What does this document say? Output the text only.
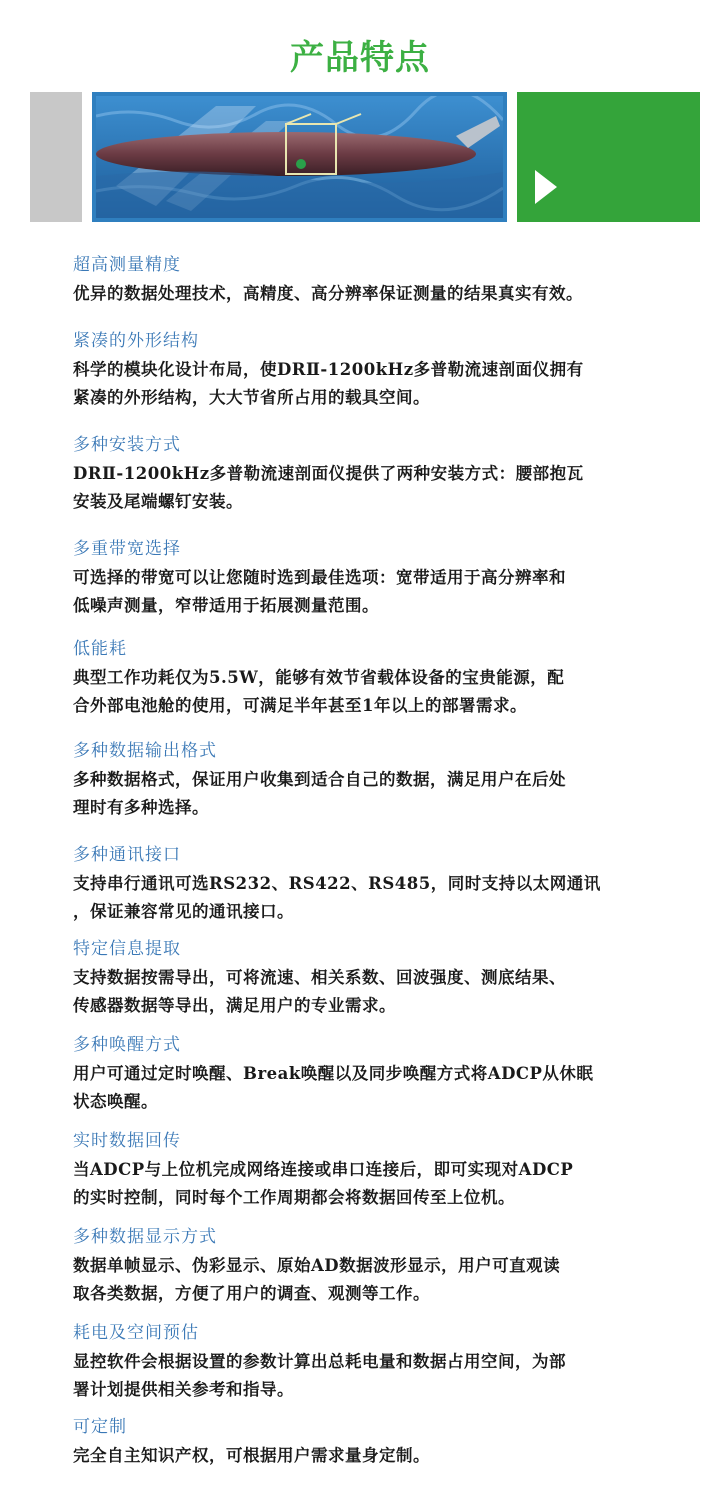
产品特点
超高测量精度
优异的数据处理技术，高精度、高分辨率保证测量的结果真实有效。
紧凑的外形结构
科学的模块化设计布局，使DRⅡ-1200kHz多普勒流速剖面仪拥有
紧凑的外形结构，大大节省所占用的载具空间。
多种安装方式
DRⅡ-1200kHz多普勒流速剖面仪提供了两种安装方式：腰部抱瓦
安装及尾端螺钉安装。
多重带宽选择
可选择的带宽可以让您随时选到最佳选项：宽带适用于高分辨率和
低噪声测量，窄带适用于拓展测量范围。
低能耗
典型工作功耗仅为5.5W，能够有效节省载体设备的宝贵能源，配
合外部电池舱的使用，可满足半年甚至1年以上的部署需求。
多种数据输出格式
多种数据格式，保证用户收集到适合自己的数据，满足用户在后处
理时有多种选择。
多种通讯接口
支持串行通讯可选RS232、RS422、RS485，同时支持以太网通讯
，保证兼容常见的通讯接口。
特定信息提取
支持数据按需导出，可将流速、相关系数、回波强度、测底结果、
传感器数据等导出，满足用户的专业需求。
多种唤醒方式
用户可通过定时唤醒、Break唤醒以及同步唤醒方式将ADCP从休眠
状态唤醒。
实时数据回传
当ADCP与上位机完成网络连接或串口连接后，即可实现对ADCP
的实时控制，同时每个工作周期都会将数据回传至上位机。
多种数据显示方式
数据单帧显示、伪彩显示、原始AD数据波形显示，用户可直观读
取各类数据，方便了用户的调查、观测等工作。
耗电及空间预估
显控软件会根据设置的参数计算出总耗电量和数据占用空间，为部
署计划提供相关参考和指导。
可定制
完全自主知识产权，可根据用户需求量身定制。
